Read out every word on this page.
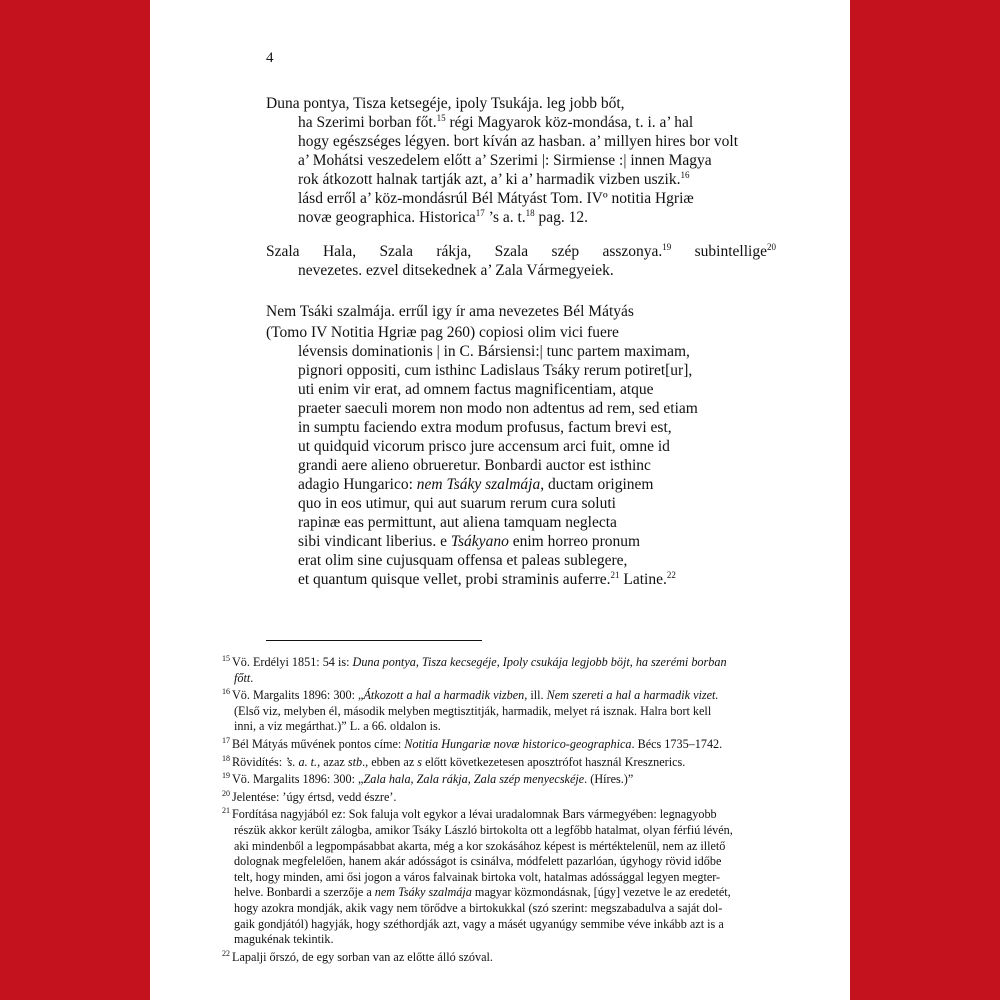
4
Duna pontya, Tisza ketsegéje, ipoly Tsukája. leg jobb bőt,
ha Szerimi borban főt.$^{15}$ régi Magyarok köz-mondása, t. i. a’ hal
hogy egészséges légyen. bort kíván az hasban. a’ millyen hires bor volt
a’ Mohátsi veszedelem előtt a’ Szerimi |: Sirmiense :| innen Magya
rok átkozott halnak tartják azt, a’ ki a’ harmadik vizben uszik.$^{16}$
lásd erről a’ köz-mondásrúl Bél Mátyást Tom. IVº notitia Hgriæ
novæ geographica. Historica$^{17}$ ’s a. t.$^{18}$ pag. 12.
Szala Hala, Szala rákja, Szala szép asszonya.$^{19}$ subintellige$^{20}$
nevezetes. ezvel ditsekednek a’ Zala Vármegyeiek.
Nem Tsáki szalmája. errűl igy ír ama nevezetes Bél Mátyás
(Tomo IV Notitia Hgriæ pag 260) copiosi olim vici fuere
lévensis dominationis | in C. Bársiensi:| tunc partem maximam,
pignori oppositi, cum isthinc Ladislaus Tsáky rerum potiret[ur],
uti enim vir erat, ad omnem factus magnificentiam, atque
praeter saeculi morem non modo non adtentus ad rem, sed etiam
in sumptu faciendo extra modum profusus, factum brevi est,
ut quidquid vicorum prisco jure accensum arci fuit, omne id
grandi aere alieno obrueretur. Bonbardi auctor est isthinc
adagio Hungarico: nem Tsáky szalmája, ductam originem
quo in eos utimur, qui aut suarum rerum cura soluti
rapinæ eas permittunt, aut aliena tamquam neglecta
sibi vindicant liberius. e Tsákyano enim horreo pronum
erat olim sine cujusquam offensa et paleas sublegere,
et quantum quisque vellet, probi straminis auferre.$^{21}$ Latine.$^{22}$
$^{15}$ Vö. Erdélyi 1851: 54 is: Duna pontya, Tisza kecsegéje, Ipoly csukája legjobb böjt, ha szerémi borban
főtt.
$^{16}$ Vö. Margalits 1896: 300: „Átkozott a hal a harmadik vizben, ill. Nem szereti a hal a harmadik vizet.
(Első viz, melyben él, második melyben megtisztitják, harmadik, melyet rá isznak. Halra bort kell
inni, a viz megárthat.)” L. a 66. oldalon is.
$^{17}$ Bél Mátyás művének pontos címe: Notitia Hungariæ novæ historico-geographica. Bécs 1735–1742.
$^{18}$ Rövidítés: ’s. a. t., azaz stb., ebben az s előtt következetesen aposztrófot használ Kresznerics.
$^{19}$ Vö. Margalits 1896: 300: „Zala hala, Zala rákja, Zala szép menyecskéje. (Híres.)”
$^{20}$ Jelentése: ’úgy értsd, vedd észre’.
$^{21}$ Fordítása nagyjából ez: Sok faluja volt egykor a lévai uradalomnak Bars vármegyében: legnagyobb
részük akkor került zálogba, amikor Tsáky László birtokolta ott a legfőbb hatalmat, olyan férfiú lévén,
aki mindenből a legpompásabbat akarta, még a kor szokásához képest is mértéktelenül, nem az illető
dolognak megfelelően, hanem akár adósságot is csinálva, módfelett pazarlóan, úgyhogy rövid időbe
telt, hogy minden, ami ősi jogon a város falvainak birtoka volt, hatalmas adóssággal legyen megter-
helve. Bonbardi a szerzője a nem Tsáky szalmája magyar közmondásnak, [úgy] vezetve le az eredetét,
hogy azokra mondják, akik vagy nem törődve a birtokukkal (szó szerint: megszabadulva a saját dol-
gaik gondjától) hagyják, hogy széthordják azt, vagy a másét ugyanúgy semmibe véve inkább azt is a
magukénak tekintik.
$^{22}$ Lapalji őrszó, de egy sorban van az előtte álló szóval.
